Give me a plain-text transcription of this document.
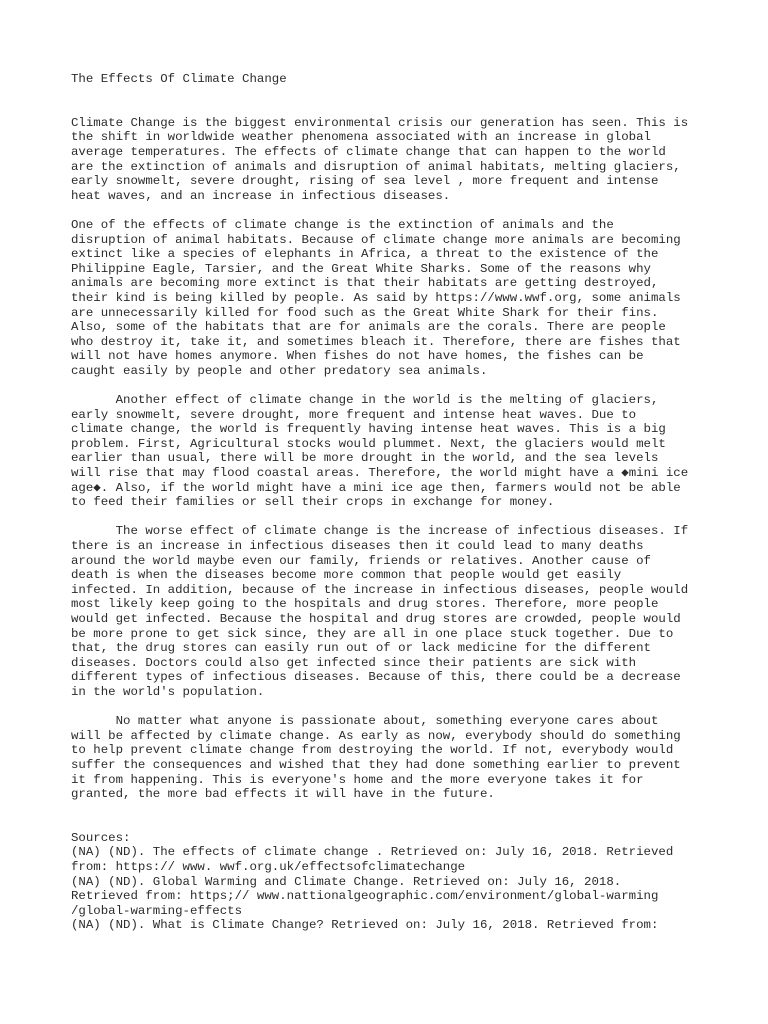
The Effects Of Climate Change

Climate Change is the biggest environmental crisis our generation has seen. This is
the shift in worldwide weather phenomena associated with an increase in global
average temperatures. The effects of climate change that can happen to the world
are the extinction of animals and disruption of animal habitats, melting glaciers,
early snowmelt, severe drought, rising of sea level , more frequent and intense
heat waves, and an increase in infectious diseases.
One of the effects of climate change is the extinction of animals and the
disruption of animal habitats. Because of climate change more animals are becoming
extinct like a species of elephants in Africa, a threat to the existence of the
Philippine Eagle, Tarsier, and the Great White Sharks. Some of the reasons why
animals are becoming more extinct is that their habitats are getting destroyed,
their kind is being killed by people. As said by https://www.wwf.org, some animals
are unnecessarily killed for food such as the Great White Shark for their fins.
Also, some of the habitats that are for animals are the corals. There are people
who destroy it, take it, and sometimes bleach it. Therefore, there are fishes that
will not have homes anymore. When fishes do not have homes, the fishes can be
caught easily by people and other predatory sea animals.
Another effect of climate change in the world is the melting of glaciers,
early snowmelt, severe drought, more frequent and intense heat waves. Due to
climate change, the world is frequently having intense heat waves. This is a big
problem. First, Agricultural stocks would plummet. Next, the glaciers would melt
earlier than usual, there will be more drought in the world, and the sea levels
will rise that may flood coastal areas. Therefore, the world might have a ◆mini ice
age◆. Also, if the world might have a mini ice age then, farmers would not be able
to feed their families or sell their crops in exchange for money.
The worse effect of climate change is the increase of infectious diseases. If
there is an increase in infectious diseases then it could lead to many deaths
around the world maybe even our family, friends or relatives. Another cause of
death is when the diseases become more common that people would get easily
infected. In addition, because of the increase in infectious diseases, people would
most likely keep going to the hospitals and drug stores. Therefore, more people
would get infected. Because the hospital and drug stores are crowded, people would
be more prone to get sick since, they are all in one place stuck together. Due to
that, the drug stores can easily run out of or lack medicine for the different
diseases. Doctors could also get infected since their patients are sick with
different types of infectious diseases. Because of this, there could be a decrease
in the world's population.
No matter what anyone is passionate about, something everyone cares about
will be affected by climate change. As early as now, everybody should do something
to help prevent climate change from destroying the world. If not, everybody would
suffer the consequences and wished that they had done something earlier to prevent
it from happening. This is everyone's home and the more everyone takes it for
granted, the more bad effects it will have in the future.
Sources:
(NA) (ND). The effects of climate change . Retrieved on: July 16, 2018. Retrieved
from: https:// www. wwf.org.uk/effectsofclimatechange
(NA) (ND). Global Warming and Climate Change. Retrieved on: July 16, 2018.
Retrieved from: https;// www.nattionalgeographic.com/environment/global-warming
/global-warming-effects
(NA) (ND). What is Climate Change? Retrieved on: July 16, 2018. Retrieved from:
